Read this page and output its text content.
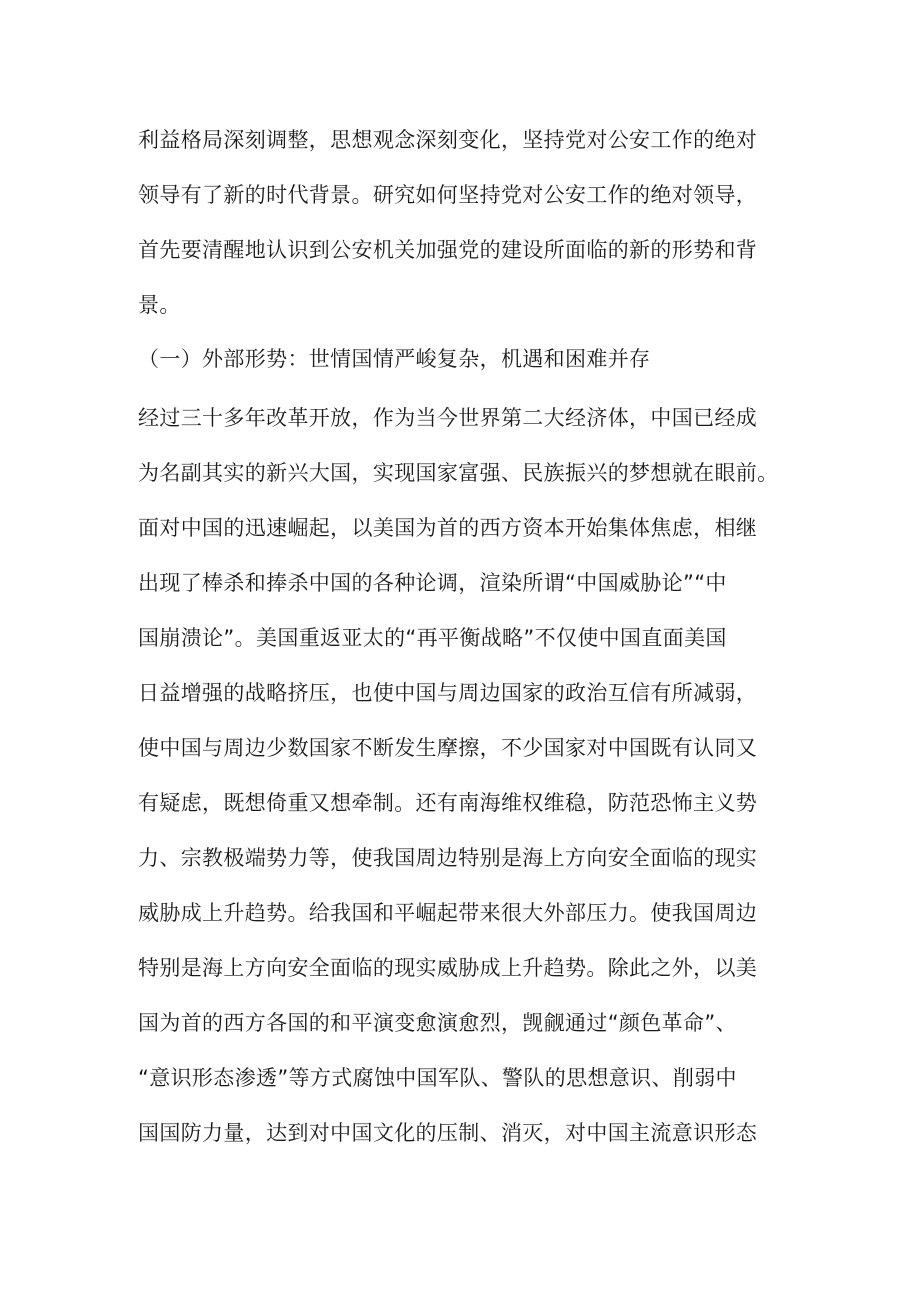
利益格局深刻调整，思想观念深刻变化，坚持党对公安工作的绝对

领导有了新的时代背景。研究如何坚持党对公安工作的绝对领导，

首先要清醒地认识到公安机关加强党的建设所面临的新的形势和背

景。

（一）外部形势：世情国情严峻复杂，机遇和困难并存

经过三十多年改革开放，作为当今世界第二大经济体，中国已经成

为名副其实的新兴大国，实现国家富强、民族振兴的梦想就在眼前。

面对中国的迅速崛起，以美国为首的西方资本开始集体焦虑，相继

出现了棒杀和捧杀中国的各种论调，渲染所谓“中国威胁论”“中

国崩溃论”。美国重返亚太的“再平衡战略”不仅使中国直面美国

日益增强的战略挤压，也使中国与周边国家的政治互信有所减弱，

使中国与周边少数国家不断发生摩擦，不少国家对中国既有认同又

有疑虑，既想倚重又想牵制。还有南海维权维稳，防范恐怖主义势

力、宗教极端势力等，使我国周边特别是海上方向安全面临的现实

威胁成上升趋势。给我国和平崛起带来很大外部压力。使我国周边

特别是海上方向安全面临的现实威胁成上升趋势。除此之外，以美

国为首的西方各国的和平演变愈演愈烈，觊觎通过“颜色革命”、

“意识形态渗透”等方式腐蚀中国军队、警队的思想意识、削弱中

国国防力量，达到对中国文化的压制、消灭，对中国主流意识形态
